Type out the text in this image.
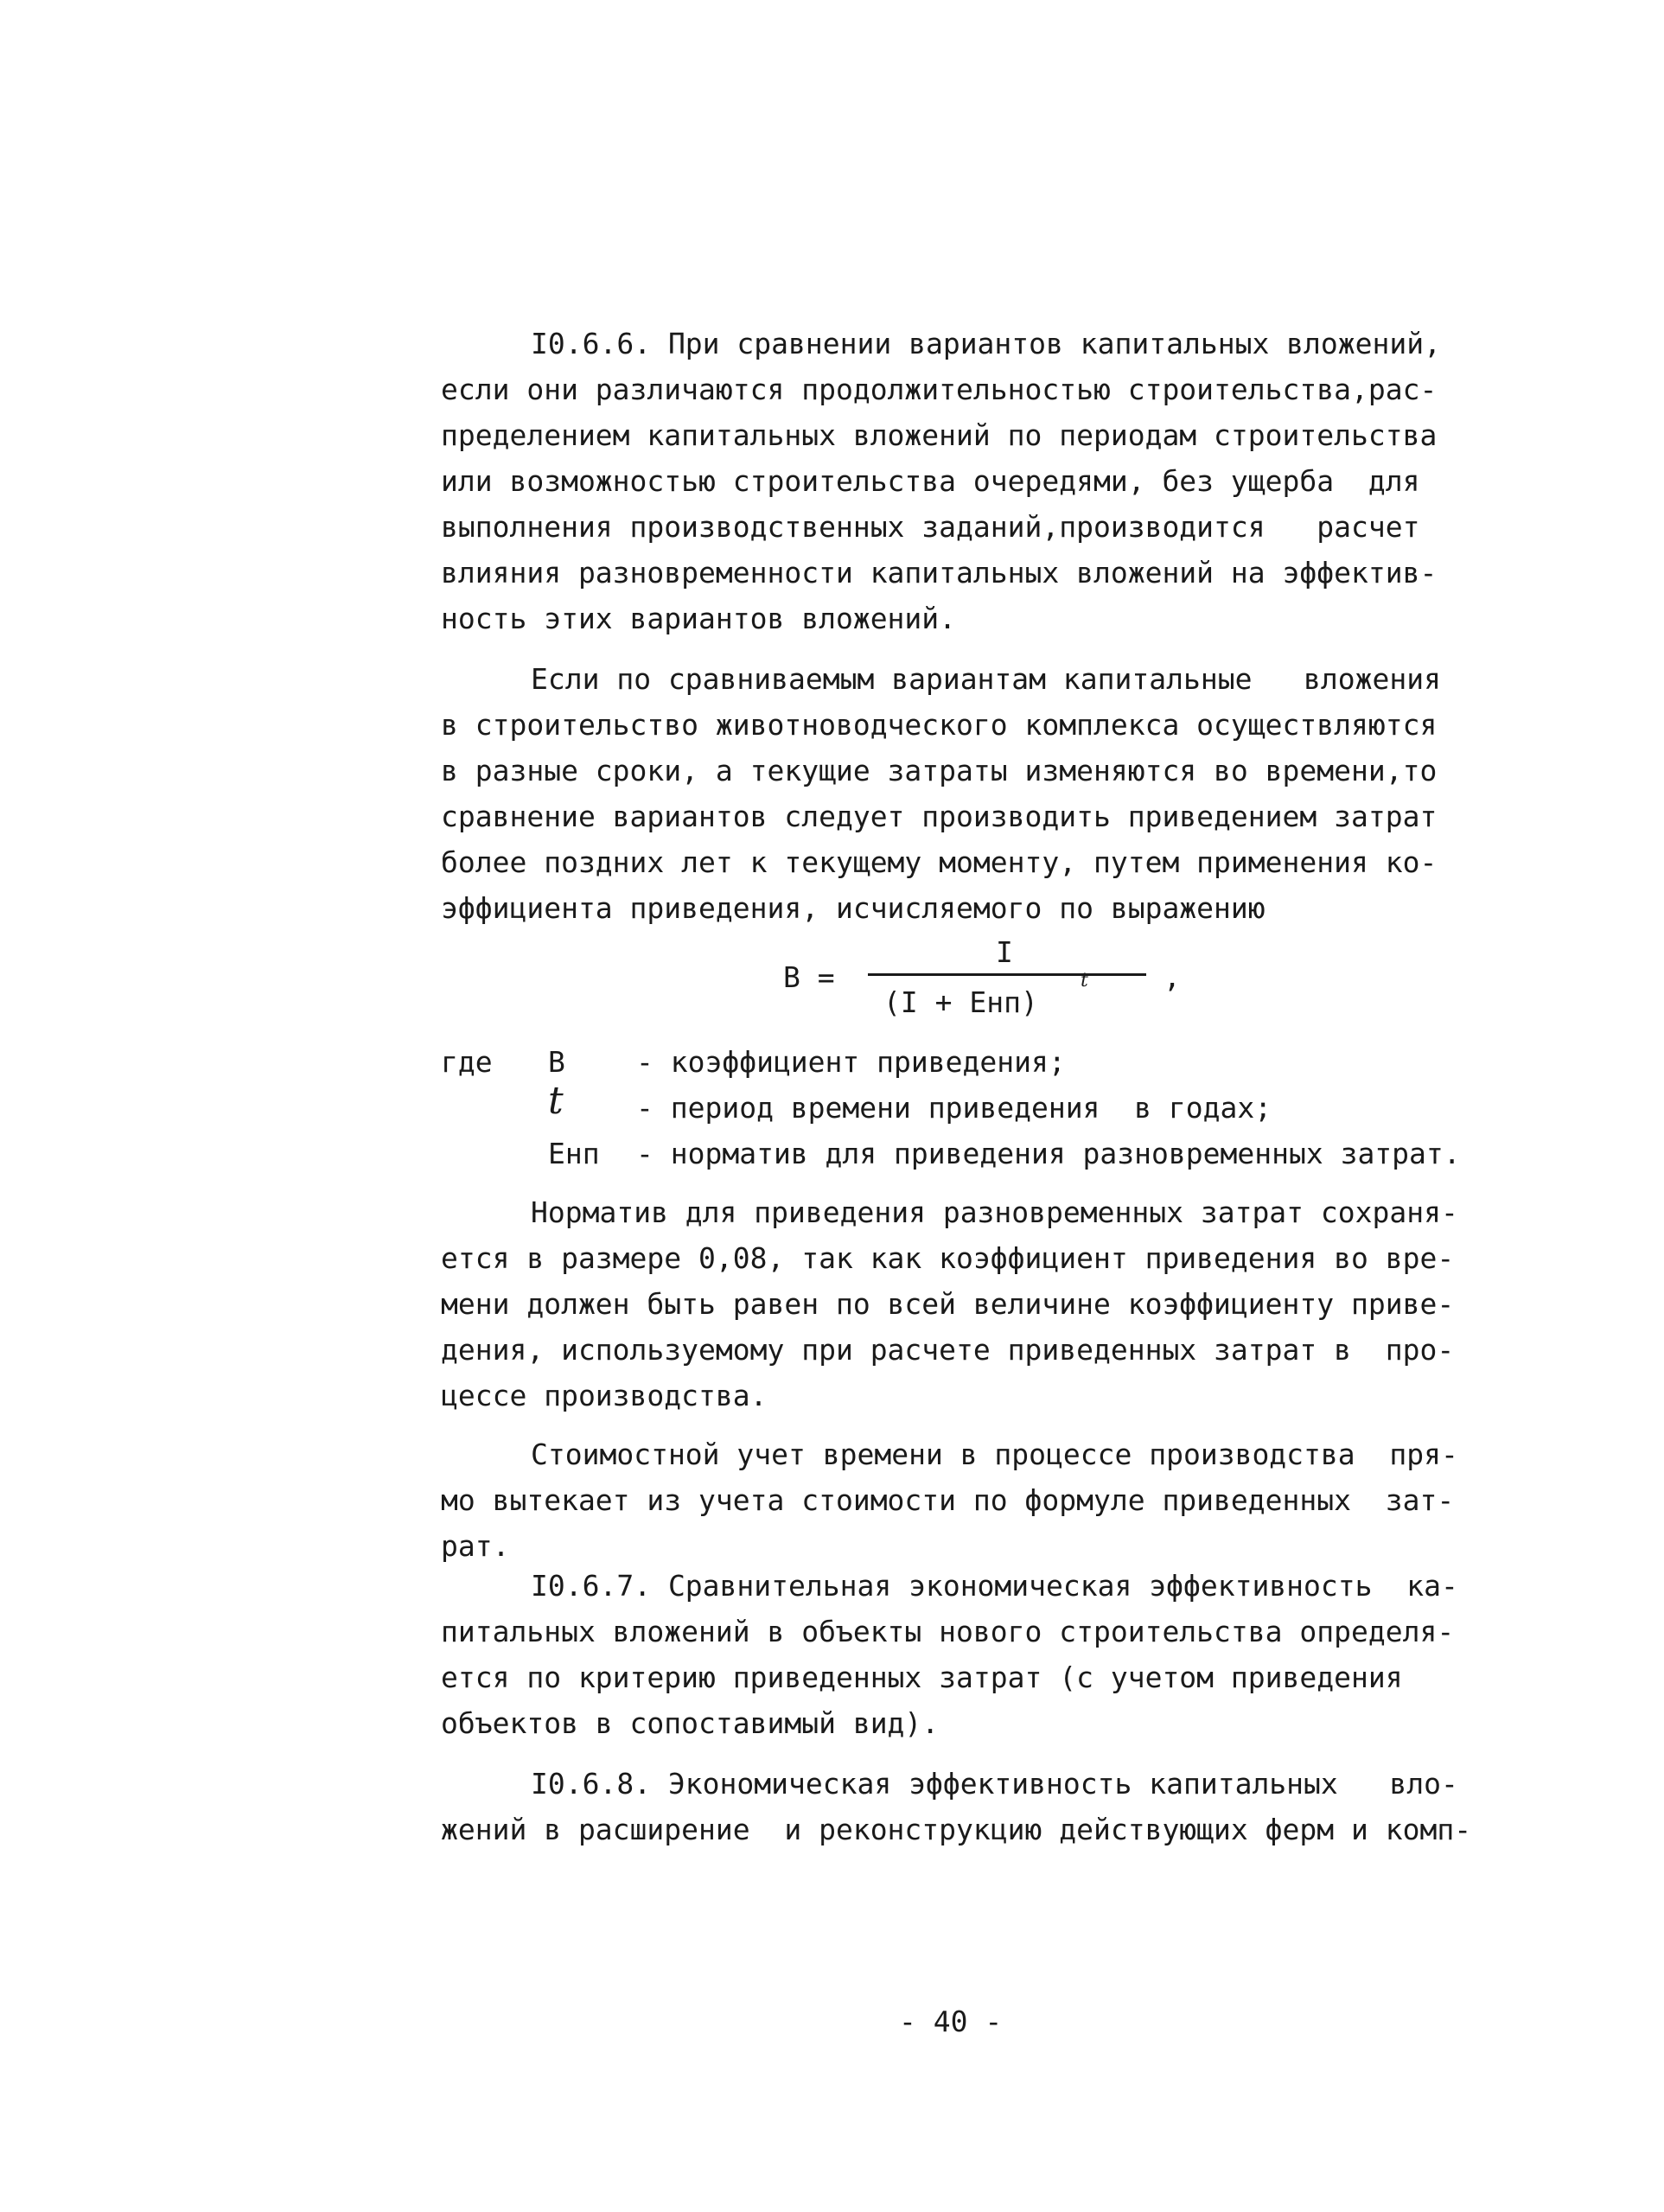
I0.6.6. При сравнении вариантов капитальных вложений,
если они различаются продолжительностью строительства,рас-
пределением капитальных вложений по периодам строительства
или возможностью строительства очередями, без ущерба  для
выполнения производственных заданий,производится   расчет
влияния разновременности капитальных вложений на эффектив-
ность этих вариантов вложений.
Если по сравниваемым вариантам капитальные   вложения
в строительство животноводческого комплекса осуществляются
в разные сроки, а текущие затраты изменяются во времени,то
сравнение вариантов следует производить приведением затрат
более поздних лет к текущему моменту, путем применения ко-
эффициента приведения, исчисляемого по выражению
В =
I
(I + Енп)
t	,
где В - коэффициент приведения;
t	- период времени приведения  в годах;
Енп - норматив для приведения разновременных затрат.
Норматив для приведения разновременных затрат сохраня-
ется в размере 0,08, так как коэффициент приведения во вре-
мени должен быть равен по всей величине коэффициенту приве-
дения, используемому при расчете приведенных затрат в  про-
цессе производства.
Стоимостной учет времени в процессе производства  пря-
мо вытекает из учета стоимости по формуле приведенных  зат-
рат.
I0.6.7. Сравнительная экономическая эффективность  ка-
питальных вложений в объекты нового строительства определя-
ется по критерию приведенных затрат (с учетом приведения
объектов в сопоставимый вид).
I0.6.8. Экономическая эффективность капитальных   вло-
жений в расширение  и реконструкцию действующих ферм и комп-
- 40 -
